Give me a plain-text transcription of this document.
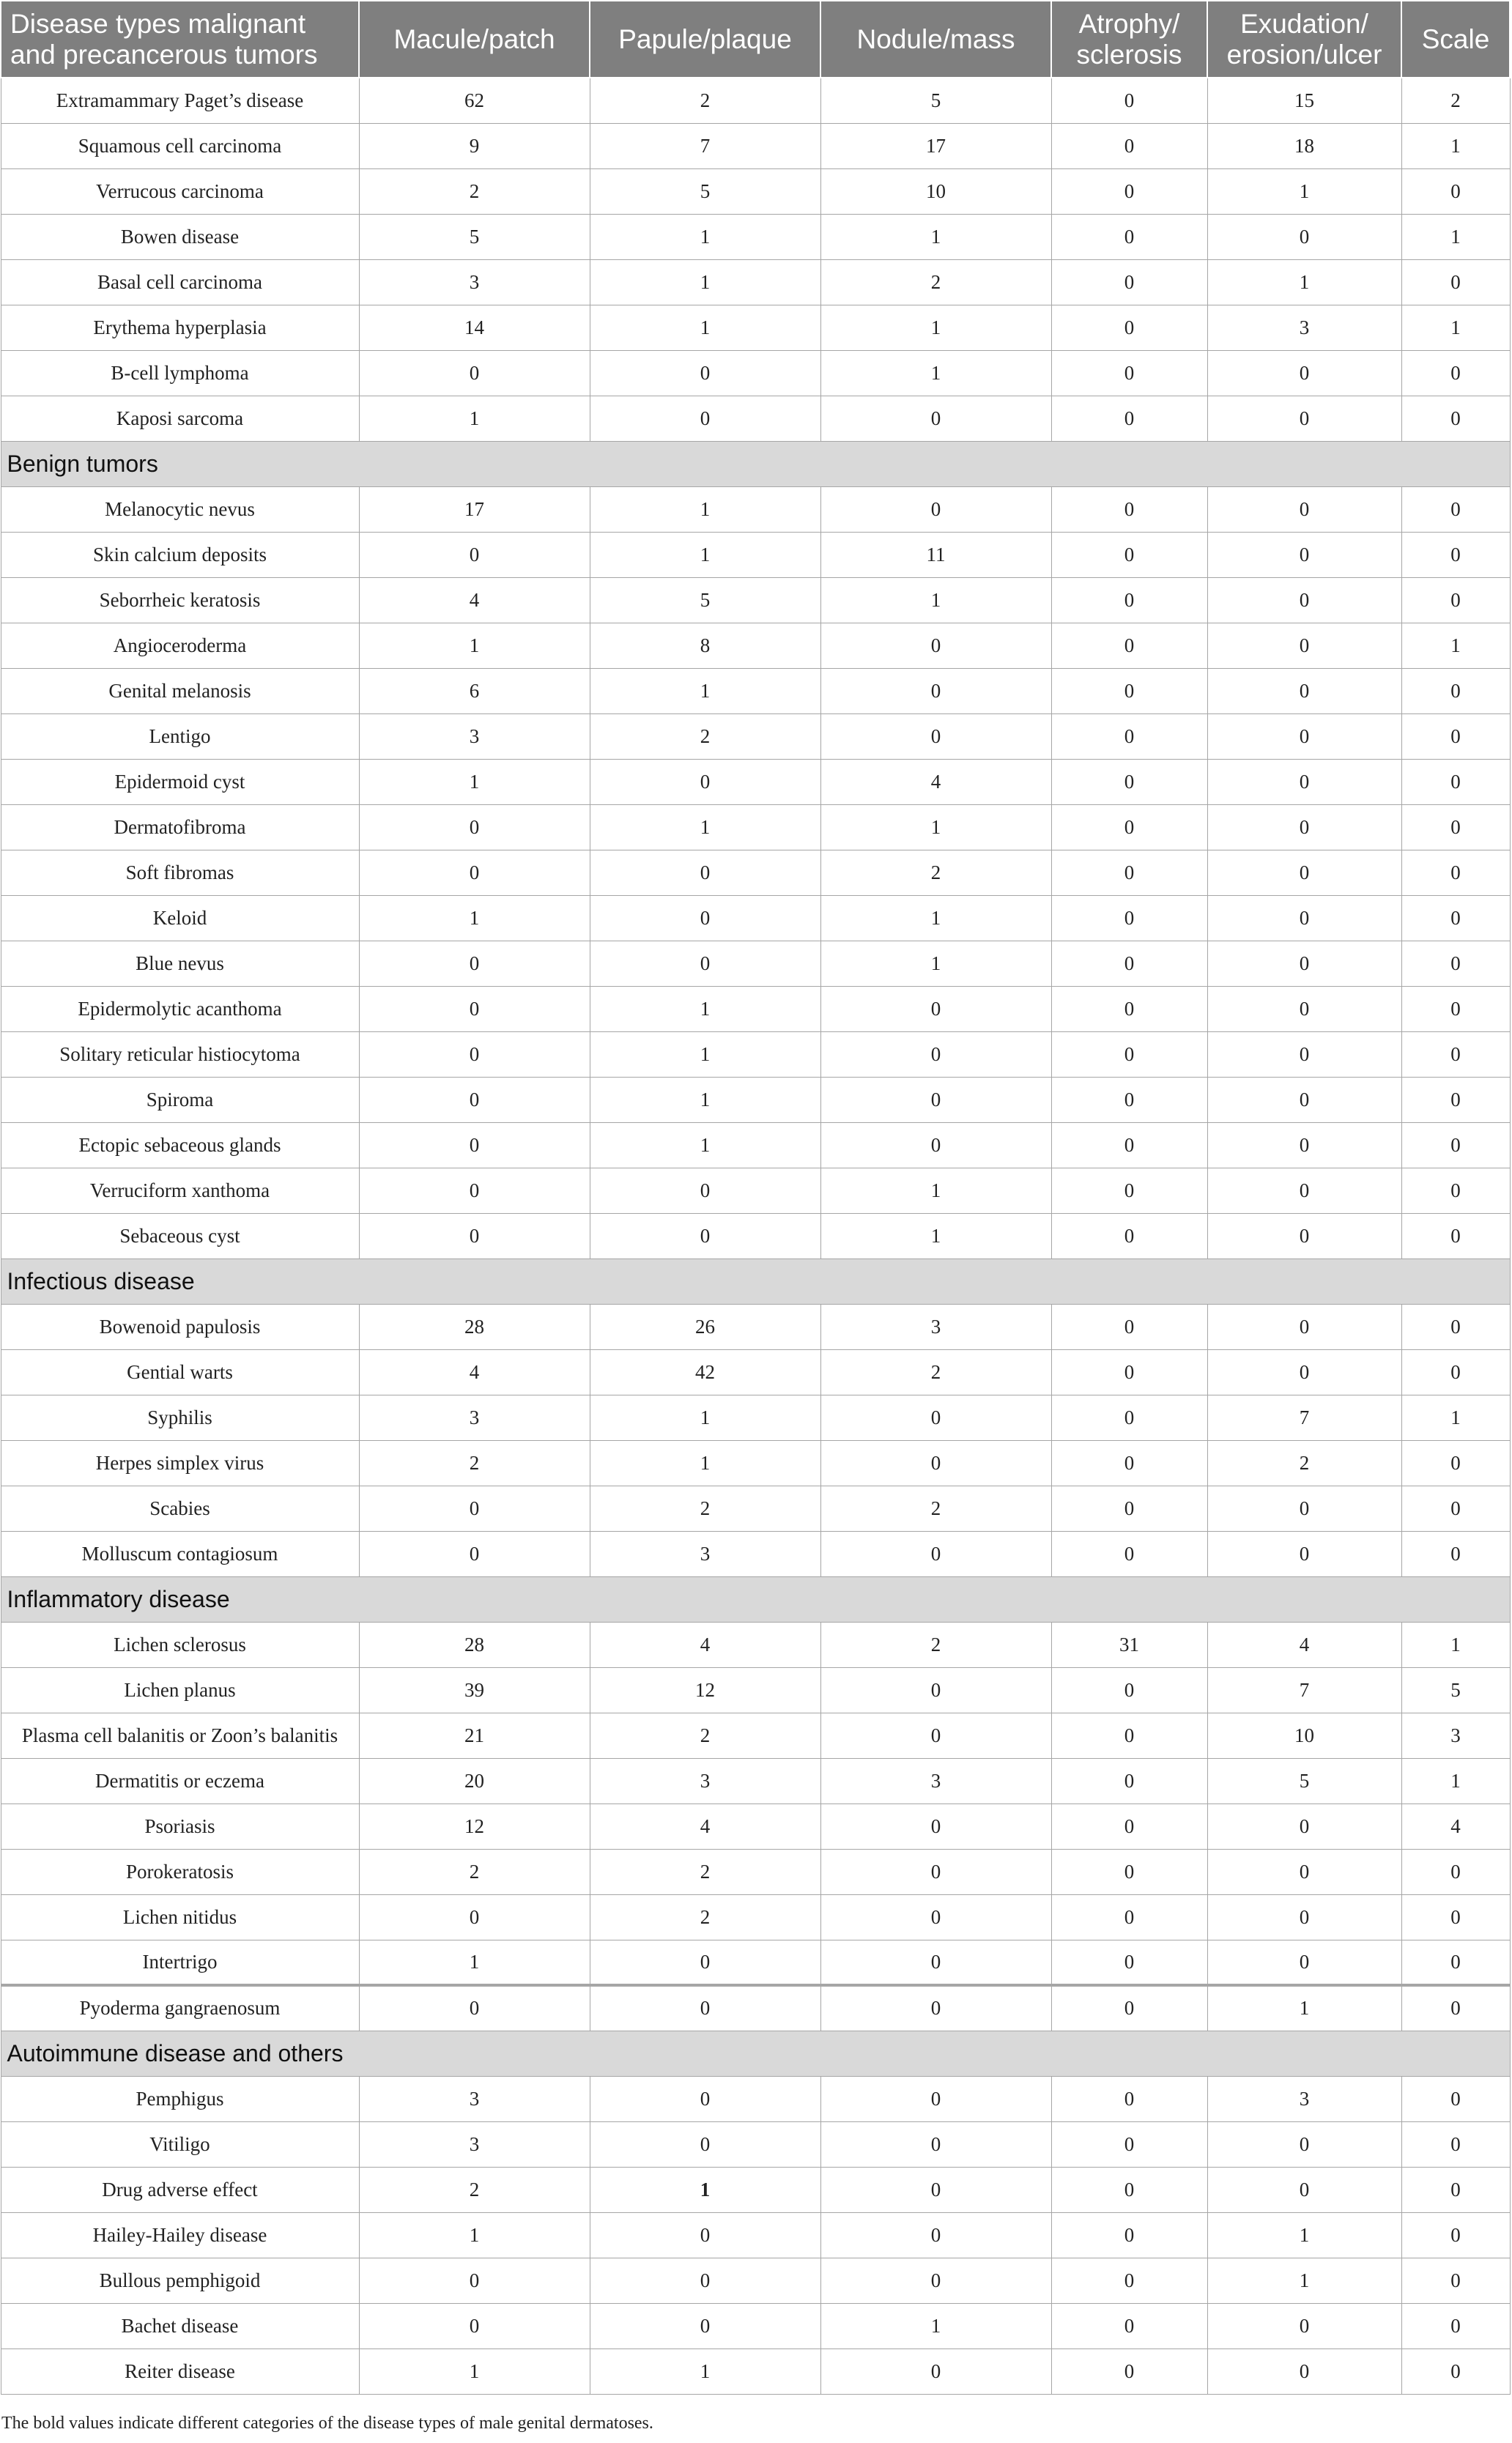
Disease types malignant and precancerous tumors	Macule/patch	Papule/plaque	Nodule/mass	Atrophy/ sclerosis	Exudation/ erosion/ulcer	Scale
Extramammary Paget’s disease	62	2	5	0	15	2
Squamous cell carcinoma	9	7	17	0	18	1
Verrucous carcinoma	2	5	10	0	1	0
Bowen disease	5	1	1	0	0	1
Basal cell carcinoma	3	1	2	0	1	0
Erythema hyperplasia	14	1	1	0	3	1
B-cell lymphoma	0	0	1	0	0	0
Kaposi sarcoma	1	0	0	0	0	0
Benign tumors						
Melanocytic nevus	17	1	0	0	0	0
Skin calcium deposits	0	1	11	0	0	0
Seborrheic keratosis	4	5	1	0	0	0
Angioceroderma	1	8	0	0	0	1
Genital melanosis	6	1	0	0	0	0
Lentigo	3	2	0	0	0	0
Epidermoid cyst	1	0	4	0	0	0
Dermatofibroma	0	1	1	0	0	0
Soft fibromas	0	0	2	0	0	0
Keloid	1	0	1	0	0	0
Blue nevus	0	0	1	0	0	0
Epidermolytic acanthoma	0	1	0	0	0	0
Solitary reticular histiocytoma	0	1	0	0	0	0
Spiroma	0	1	0	0	0	0
Ectopic sebaceous glands	0	1	0	0	0	0
Verruciform xanthoma	0	0	1	0	0	0
Sebaceous cyst	0	0	1	0	0	0
Infectious disease						
Bowenoid papulosis	28	26	3	0	0	0
Gential warts	4	42	2	0	0	0
Syphilis	3	1	0	0	7	1
Herpes simplex virus	2	1	0	0	2	0
Scabies	0	2	2	0	0	0
Molluscum contagiosum	0	3	0	0	0	0
Inflammatory disease						
Lichen sclerosus	28	4	2	31	4	1
Lichen planus	39	12	0	0	7	5
Plasma cell balanitis or Zoon’s balanitis	21	2	0	0	10	3
Dermatitis or eczema	20	3	3	0	5	1
Psoriasis	12	4	0	0	0	4
Porokeratosis	2	2	0	0	0	0
Lichen nitidus	0	2	0	0	0	0
Intertrigo	1	0	0	0	0	0
Pyoderma gangraenosum	0	0	0	0	1	0
Autoimmune disease and others						
Pemphigus	3	0	0	0	3	0
Vitiligo	3	0	0	0	0	0
Drug adverse effect	2	1	0	0	0	0
Hailey-Hailey disease	1	0	0	0	1	0
Bullous pemphigoid	0	0	0	0	1	0
Bachet disease	0	0	1	0	0	0
Reiter disease	1	1	0	0	0	0
The bold values indicate different categories of the disease types of male genital dermatoses.
